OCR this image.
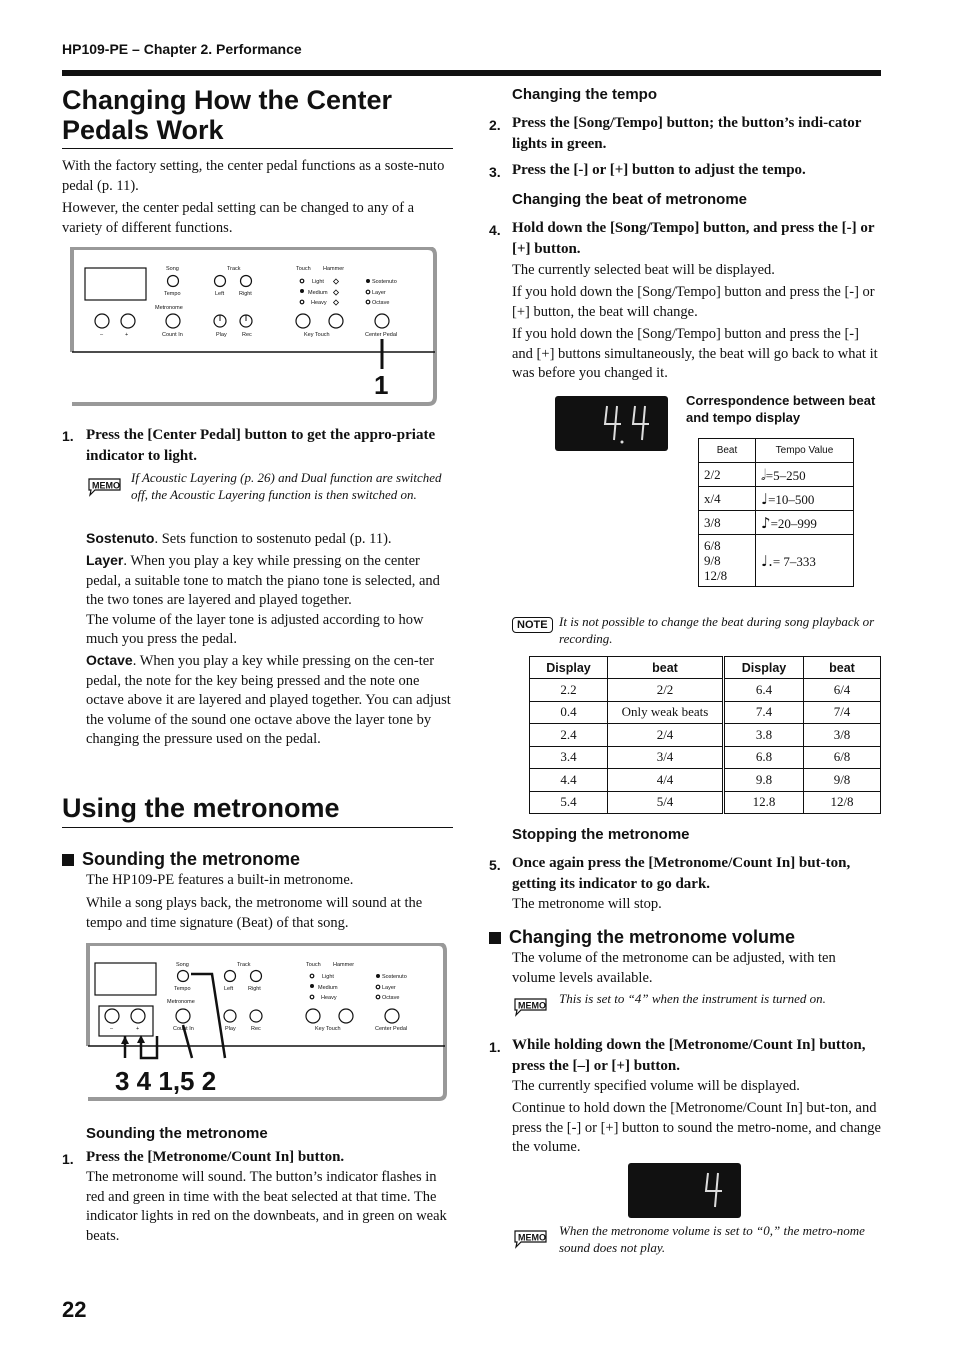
HP109-PE – Chapter 2. Performance
Changing How the Center
Pedals Work

With the factory setting, the center pedal functions as a soste-nuto pedal (p. 11).

However, the center pedal setting can be changed to any of a variety of different functions.

Song
Tempo
Metronome
Count In
Track
Left	Right
Play	Rec
Touch Hammer
Light
Medium
Heavy
Key Touch
Sostenuto
Layer
Octave
Center Pedal
–	+
1
1. Press the [Center Pedal] button to get the appro-priate indicator to light.

MEMO

If Acoustic Layering (p. 26) and Dual function are switched off, the Acoustic Layering function is then switched on.

Sostenuto. Sets function to sostenuto pedal (p. 11).

Layer. When you play a key while pressing on the center pedal, a suitable tone to match the piano tone is selected, and the two tones are layered and played together.
The volume of the layer tone is adjusted according to how much you press the pedal.

Octave. When you play a key while pressing on the cen-ter pedal, the note for the key being pressed and the note one octave above it are layered and played together. You can adjust the volume of the sound one octave above the layer tone by changing the pressure used on the pedal.

Using the metronome
Sounding the metronome

The HP109-PE features a built-in metronome.

While a song plays back, the metronome will sound at the tempo and time signature (Beat) of that song.

Song
Tempo
Metronome
Count In
Track
Left	Right
Play	Rec
Touch Hammer
Light
Medium
Heavy
Key Touch
Sostenuto
Layer
Octave
Center Pedal
–	+
3 4 1,5 2
Sounding the metronome
1. Press the [Metronome/Count In] button.

The metronome will sound. The button’s indicator flashes in red and green in time with the beat selected at that time. The indicator lights in red on the downbeats, and in green on weak beats.

22
Changing the tempo
2. Press the [Song/Tempo] button; the button’s indi-cator lights in green.

3. Press the [-] or [+] button to adjust the tempo.

Changing the beat of metronome
4. Hold down the [Song/Tempo] button, and press the [-] or [+] button.

The currently selected beat will be displayed.

If you hold down the [Song/Tempo] button and press the [-] or [+] button, the beat will change.

If you hold down the [Song/Tempo] button and press the [-] and [+] buttons simultaneously, the beat will go back to what it was before you changed it.

Correspondence between beat and tempo display

Beat	Tempo Value
2/2	𝅗𝅥=5–250
x/4	♩=10–500
3/8	♪=20–999
6/8
9/8
12/8	♩.= 7–333
NOTE It is not possible to change the beat during song playback or recording.

Display	beat	Display	beat
2.2	2/2	6.4	6/4
0.4	Only weak beats	7.4	7/4
2.4	2/4	3.8	3/8
3.4	3/4	6.8	6/8
4.4	4/4	9.8	9/8
5.4	5/4	12.8	12/8
Stopping the metronome
5. Once again press the [Metronome/Count In] but-ton, getting its indicator to go dark.

The metronome will stop.

Changing the metronome volume

The volume of the metronome can be adjusted, with ten volume levels available.

MEMO This is set to “4” when the instrument is turned on.

1. While holding down the [Metronome/Count In] button, press the [–] or [+] button.

The currently specified volume will be displayed.

Continue to hold down the [Metronome/Count In] but-ton, and press the [-] or [+] button to sound the metro-nome, and change the volume.

MEMO When the metronome volume is set to “0,” the metro-nome sound does not play.
